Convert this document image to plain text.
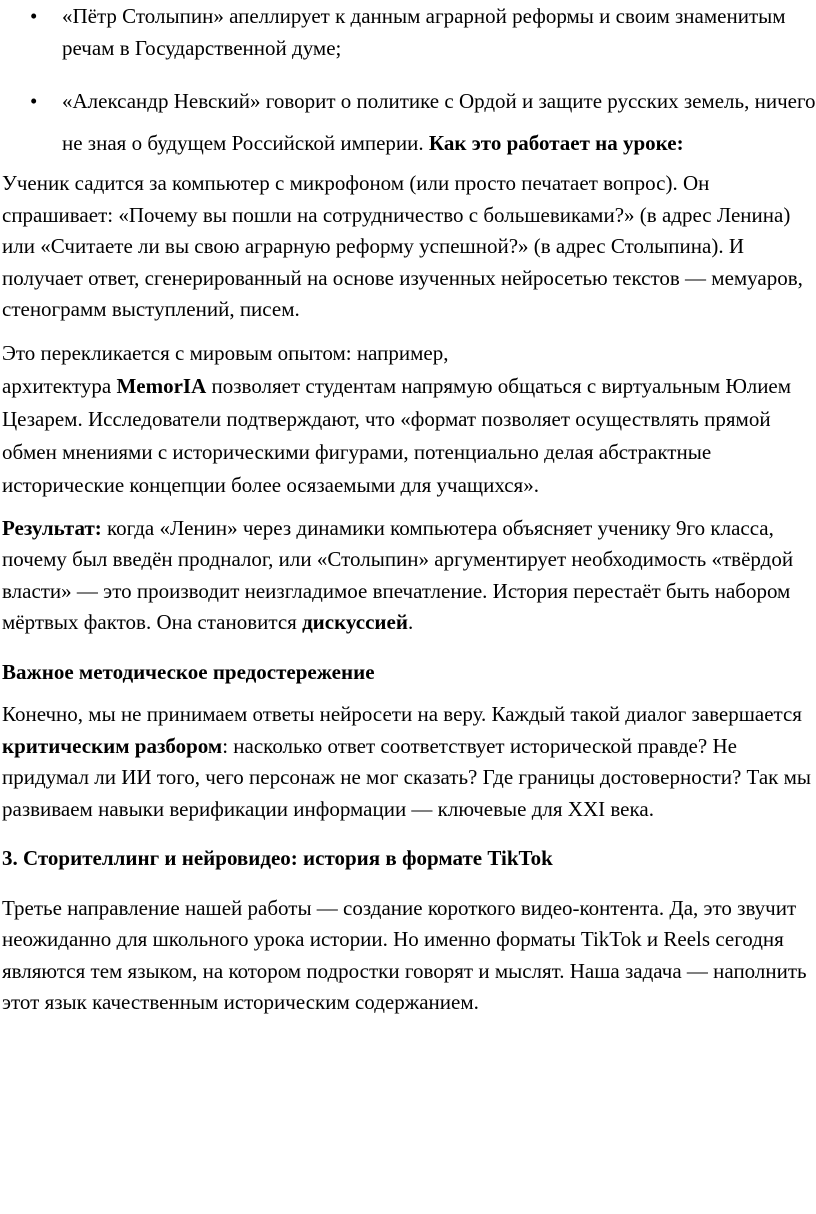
• «Пётр Столыпин» апеллирует к данным аграрной реформы и своим знаменитым речам в Государственной думе;
• «Александр Невский» говорит о политике с Ордой и защите русских земель, ничего не зная о будущем Российской империи. Как это работает на уроке:

Ученик садится за компьютер с микрофоном (или просто печатает вопрос). Он спрашивает: «Почему вы пошли на сотрудничество с большевиками?» (в адрес Ленина) или «Считаете ли вы свою аграрную реформу успешной?» (в адрес Столыпина). И получает ответ, сгенерированный на основе изученных нейросетью текстов — мемуаров, стенограмм выступлений, писем.

Это перекликается с мировым опытом: например,
архитектура MemorIA позволяет студентам напрямую общаться с виртуальным Юлием Цезарем. Исследователи подтверждают, что «формат позволяет осуществлять прямой обмен мнениями с историческими фигурами, потенциально делая абстрактные исторические концепции более осязаемыми для учащихся».

Результат: когда «Ленин» через динамики компьютера объясняет ученику 9го класса, почему был введён продналог, или «Столыпин» аргументирует необходимость «твёрдой власти» — это производит неизгладимое впечатление. История перестаёт быть набором мёртвых фактов. Она становится дискуссией.

Важное методическое предостережение

Конечно, мы не принимаем ответы нейросети на веру. Каждый такой диалог завершается критическим разбором: насколько ответ соответствует исторической правде? Не придумал ли ИИ того, чего персонаж не мог сказать? Где границы достоверности? Так мы развиваем навыки верификации информации — ключевые для XXI века.

3. Сторителлинг и нейровидео: история в формате TikTok

Третье направление нашей работы — создание короткого видео-контента. Да, это звучит неожиданно для школьного урока истории. Но именно форматы TikTok и Reels сегодня являются тем языком, на котором подростки говорят и мыслят. Наша задача — наполнить этот язык качественным историческим содержанием.
